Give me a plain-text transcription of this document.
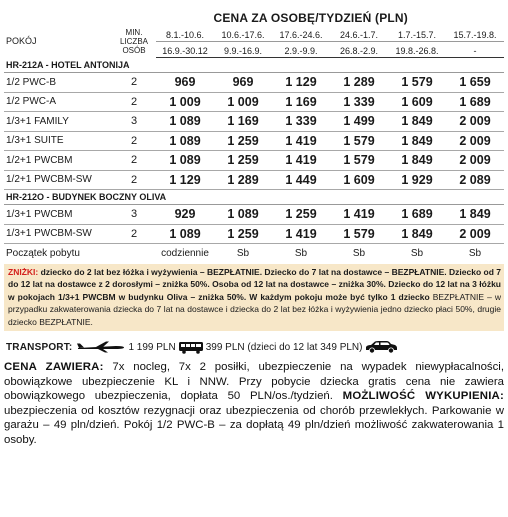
CENA ZA OSOBĘ/TYDZIEŃ (PLN)
POKÓJ	MIN.
LICZBA
OSÓB	8.1.-10.6.	10.6.-17.6.	17.6.-24.6.	24.6.-1.7.	1.7.-15.7.	15.7.-19.8.
		16.9.-30.12	9.9.-16.9.	2.9.-9.9.	26.8.-2.9.	19.8.-26.8.	-
HR-212A - HOTEL ANTONIJA							
1/2 PWC-B	2	969	969	1 129	1 289	1 579	1 659
1/2 PWC-A	2	1 009	1 009	1 169	1 339	1 609	1 689
1/3+1 FAMILY	3	1 089	1 169	1 339	1 499	1 849	2 009
1/3+1 SUITE	2	1 089	1 259	1 419	1 579	1 849	2 009
1/2+1 PWCBM	2	1 089	1 259	1 419	1 579	1 849	2 009
1/2+1 PWCBM-SW	2	1 129	1 289	1 449	1 609	1 929	2 089
HR-212O - BUDYNEK BOCZNY OLIVA							
1/3+1 PWCBM	3	929	1 089	1 259	1 419	1 689	1 849
1/3+1 PWCBM-SW	2	1 089	1 259	1 419	1 579	1 849	2 009
Początek pobytu		codziennie	Sb	Sb	Sb	Sb	Sb
ZNIŻKI: dziecko do 2 lat bez łóżka i wyżywienia – BEZPŁATNIE. Dziecko do 7 lat na dostawce – BEZPŁATNIE. Dziecko od 7 do 12 lat na dostawce z 2 dorosłymi – zniżka 50%. Osoba od 12 lat na dostawce – zniżka 30%. Dziecko do 12 lat na 3 łóżku w pokojach 1/3+1 PWCBM w budynku Oliva – zniżka 50%. W każdym pokoju może być tylko 1 dziecko BEZPŁATNIE – w przypadku zakwaterowania dziecka do 7 lat na dostawce i dziecka do 2 lat bez łóżka i wyżywienia jedno dziecko płaci 50%, drugie dziecko BEZPŁATNIE.
TRANSPORT:	1 199 PLN	399 PLN (dzieci do 12 lat 349 PLN)
CENA ZAWIERA: 7x nocleg, 7x 2 posiłki, ubezpieczenie na wypadek niewypłacalności, obowiązkowe ubezpieczenie KL i NNW. Przy pobycie dziecka gratis cena nie zawiera obowiązkowego ubezpieczenia, dopłata 50 PLN/os./tydzień. MOŻLIWOŚĆ WYKUPIENIA: ubezpieczenia od kosztów rezygnacji oraz ubezpieczenia od chorób przewlekłych. Parkowanie w garażu – 49 pln/dzień. Pokój 1/2 PWC-B – za dopłatą 49 pln/dzień możliwość zakwaterowania 1 osoby.
